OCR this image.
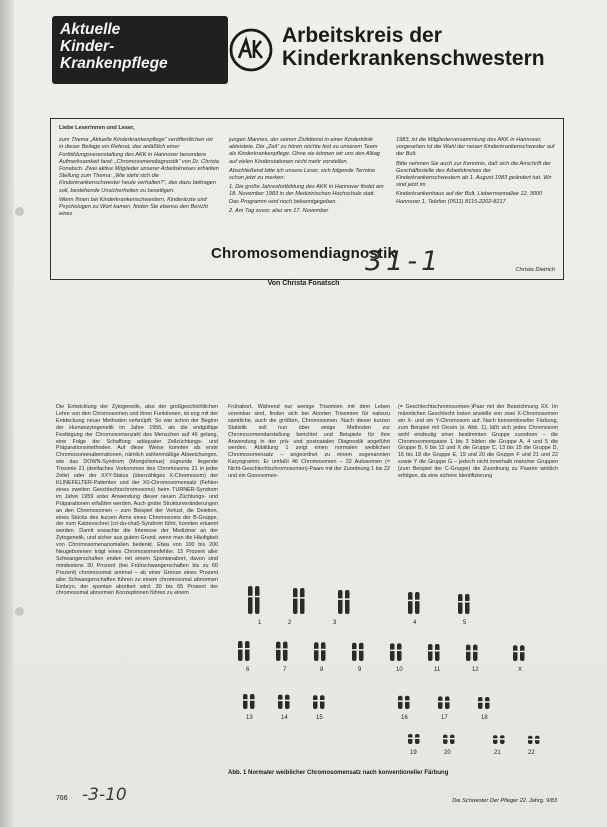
Aktuelle
Kinder-
Krankenpflege
Arbeitskreis der
Kinderkrankenschwestern

Liebe Leserinnen und Leser,

zum Thema „Aktuelle Kinderkrankenpflege“ veröffentlichen wir in dieser Beilage ein Referat, das anläßlich einer Fortbildungsveranstaltung des AKK in Hannover besondere Aufmerksamkeit fand: „Chromosomendiagnostik“ von Dr. Christa Fonatsch. Zwei aktive Mitglieder unserer Arbeitskreises erhielten Stellung zum Thema: „Wie steht sich die Kinderkrankenschwester heute verhalten?“, das dazu beitragen soll, bestehende Unsicherheiten zu beseitigen.

Wenn Ihnen bei Kinderkrankenschwestern, Kinderärzte und Psychologen zu Wort kamen, finden Sie ebenso den Bericht eines

jungen Mannes, der seinen Zivildienst in einer Kinderklinik ableistete. Die „Zeit“ zu hören reichte fest zu unserem Team als Kinderkrankenpflege. Ohne sie können wir uns den Alltag auf vielen Kinderstationen nicht mehr vorstellen.

Abschließend bitte ich unsere Leser, sich folgende Termine schon jetzt zu merken:

1. Die große Jahresfortbildung des AKK in Hannover findet am 18. November 1983 in der Medizinischen Hochschule statt. Das Programm wird noch bekanntgegeben.

2. Am Tag zuvor, also am 17. November

1983, ist die Mitgliederversammlung des AKK in Hannover, vorgesehen ist die Wahl der neuen Kinderkrankenschwester auf der Bult.

Bitte nehmen Sie auch zur Kenntnis, daß sich die Anschrift der Geschäftsstelle des Arbeitskreises der Kinderkrankenschwestern ab 1. August 1983 geändert hat. Wir sind jetzt im

Kinderkrankenhaus auf der Bult, Liebermannallee 12, 3000 Hannover 1, Telefon (0511) 8115-2202-8217

Christa Dietrich
Chromosomendiagnostik
31-1
Von Christa Fonatsch

Die Entwicklung der Zytogenetik, also der großgeschichtlichen Lehre von den Chromosomen und ihren Funktionen, ist eng mit der Entdeckung neuer Methoden verknüpft. So war schon der Beginn der Humanzytogenetik im Jahre 1956, als die endgültige Festlegung der Chromosomenzahl des Menschen auf 46 gelang, eine Folge der Schaffung adäquater Zellzüchtungs- und Präparationsmethoden. Auf diese Weise konnten als erste Chromosomenaberrationen, nämlich zahlenmäßige Abweichungen, wie das DOWN-Syndrom (Mongolismus) zugrunde liegende Trisomie 21 (dreifaches Vorkommen des Chromosoms 21 in jeder Zelle) oder der XXY-Status (überzähliges X-Chromosom) der KLINEFELTER-Patienten und der X0-Chromosomensatz (Fehlen eines zweiten Geschlechtschromosoms) beim TURNER-Syndrom im Jahre 1959 unter Anwendung dieser neuen Züchtungs- und Präparationen erfaßten werden. Auch grobe Strukturveränderungen an den Chromosomen – zum Beispiel der Verlust, die Deletion, eines Stücks des kurzen Arms eines Chromosoms der B-Gruppe, der zum Katzenschrei (cri-du-chat)-Syndrom führt, konnten erkannt werden. Damit erwachte die Interesse der Mediziner an der Zytogenetik, und sicher aus gutem Grund, wenn man die Häufigkeit von Chromosomenanomalien bedenkt. Etwa von 100 bis 200 Neugeborenen trägt eines Chromosomenfehler. 15 Prozent aller Schwangerschaften enden mit einem Spontanabort, davon sind mindestens 30 Prozent (bei Frühschwangerschaften bis zu 60 Prozent) chromosomal anomal – ab einer Grenze eines Prozent aller Schwangerschaften führen zu einem chromosomal abnormen Embryo, der spontan abortiert wird. 30 bis 65 Prozent der chromosomal abnormen Konzeptionen führen zu einem

Frühabort. Während nur wenige Trisomien mit dem Leben vereinbar sind, finden sich bei Aborten Trisomien für nahezu sämtliche, auch die größten, Chromosomen. Nach dieser kurzen Statistik soll nun über einige Methoden zur Chromosomendarstellung berichtet und Beispiele für ihre Anwendung in der prä- und postnatalen Diagnostik angeführt werden. Abbildung 1 zeigt einen normalen weiblichen Chromosomensatz – angeordnet zu einem sogenannten Karyogramm. Er umfaßt 46 Chromosomen – 22 Autosomen (= Nicht-Geschlechtschromosomen)-Paare mit der Zuordnung 1 bis 22 und ein Gonosomen-

(= Geschlechtschromosomen-)Paar mit der Bezeichnung XX. Im männlichen Geschlecht treten anstelle von zwei X-Chromosomen ein X- und ein Y-Chromosom auf. Nach konventioneller Färbung, zum Beispiel mit Orcein (s. Abb. 1), läßt sich jedes Chromosom wohl eindeutig einer bestimmten Gruppe zuordnen – die Chromosomenpaare 1 bis 3 bilden die Gruppe A, 4 und 5 die Gruppe B, 6 bis 12 und X die Gruppe C, 13 bis 15 die Gruppe D, 16 bis 18 die Gruppe E, 19 und 20 die Gruppe F und 21 und 22 sowie Y die Gruppe G – jedoch nicht innerhalb mancher Gruppen (zum Beispiel der C-Gruppe) die Zuordnung zu Paaren wirklich erfolgen, da eine sichere Identifizierung

1	2	3	4	5
6	7	8	9	10	11	12	X
13	14	15	16	17	18
19	20	21	22
Abb. 1 Normaler weiblicher Chromosomensatz nach konventioneller Färbung
766 -3-10	Die Schwester Der Pfleger 22. Jahrg. 9/83
